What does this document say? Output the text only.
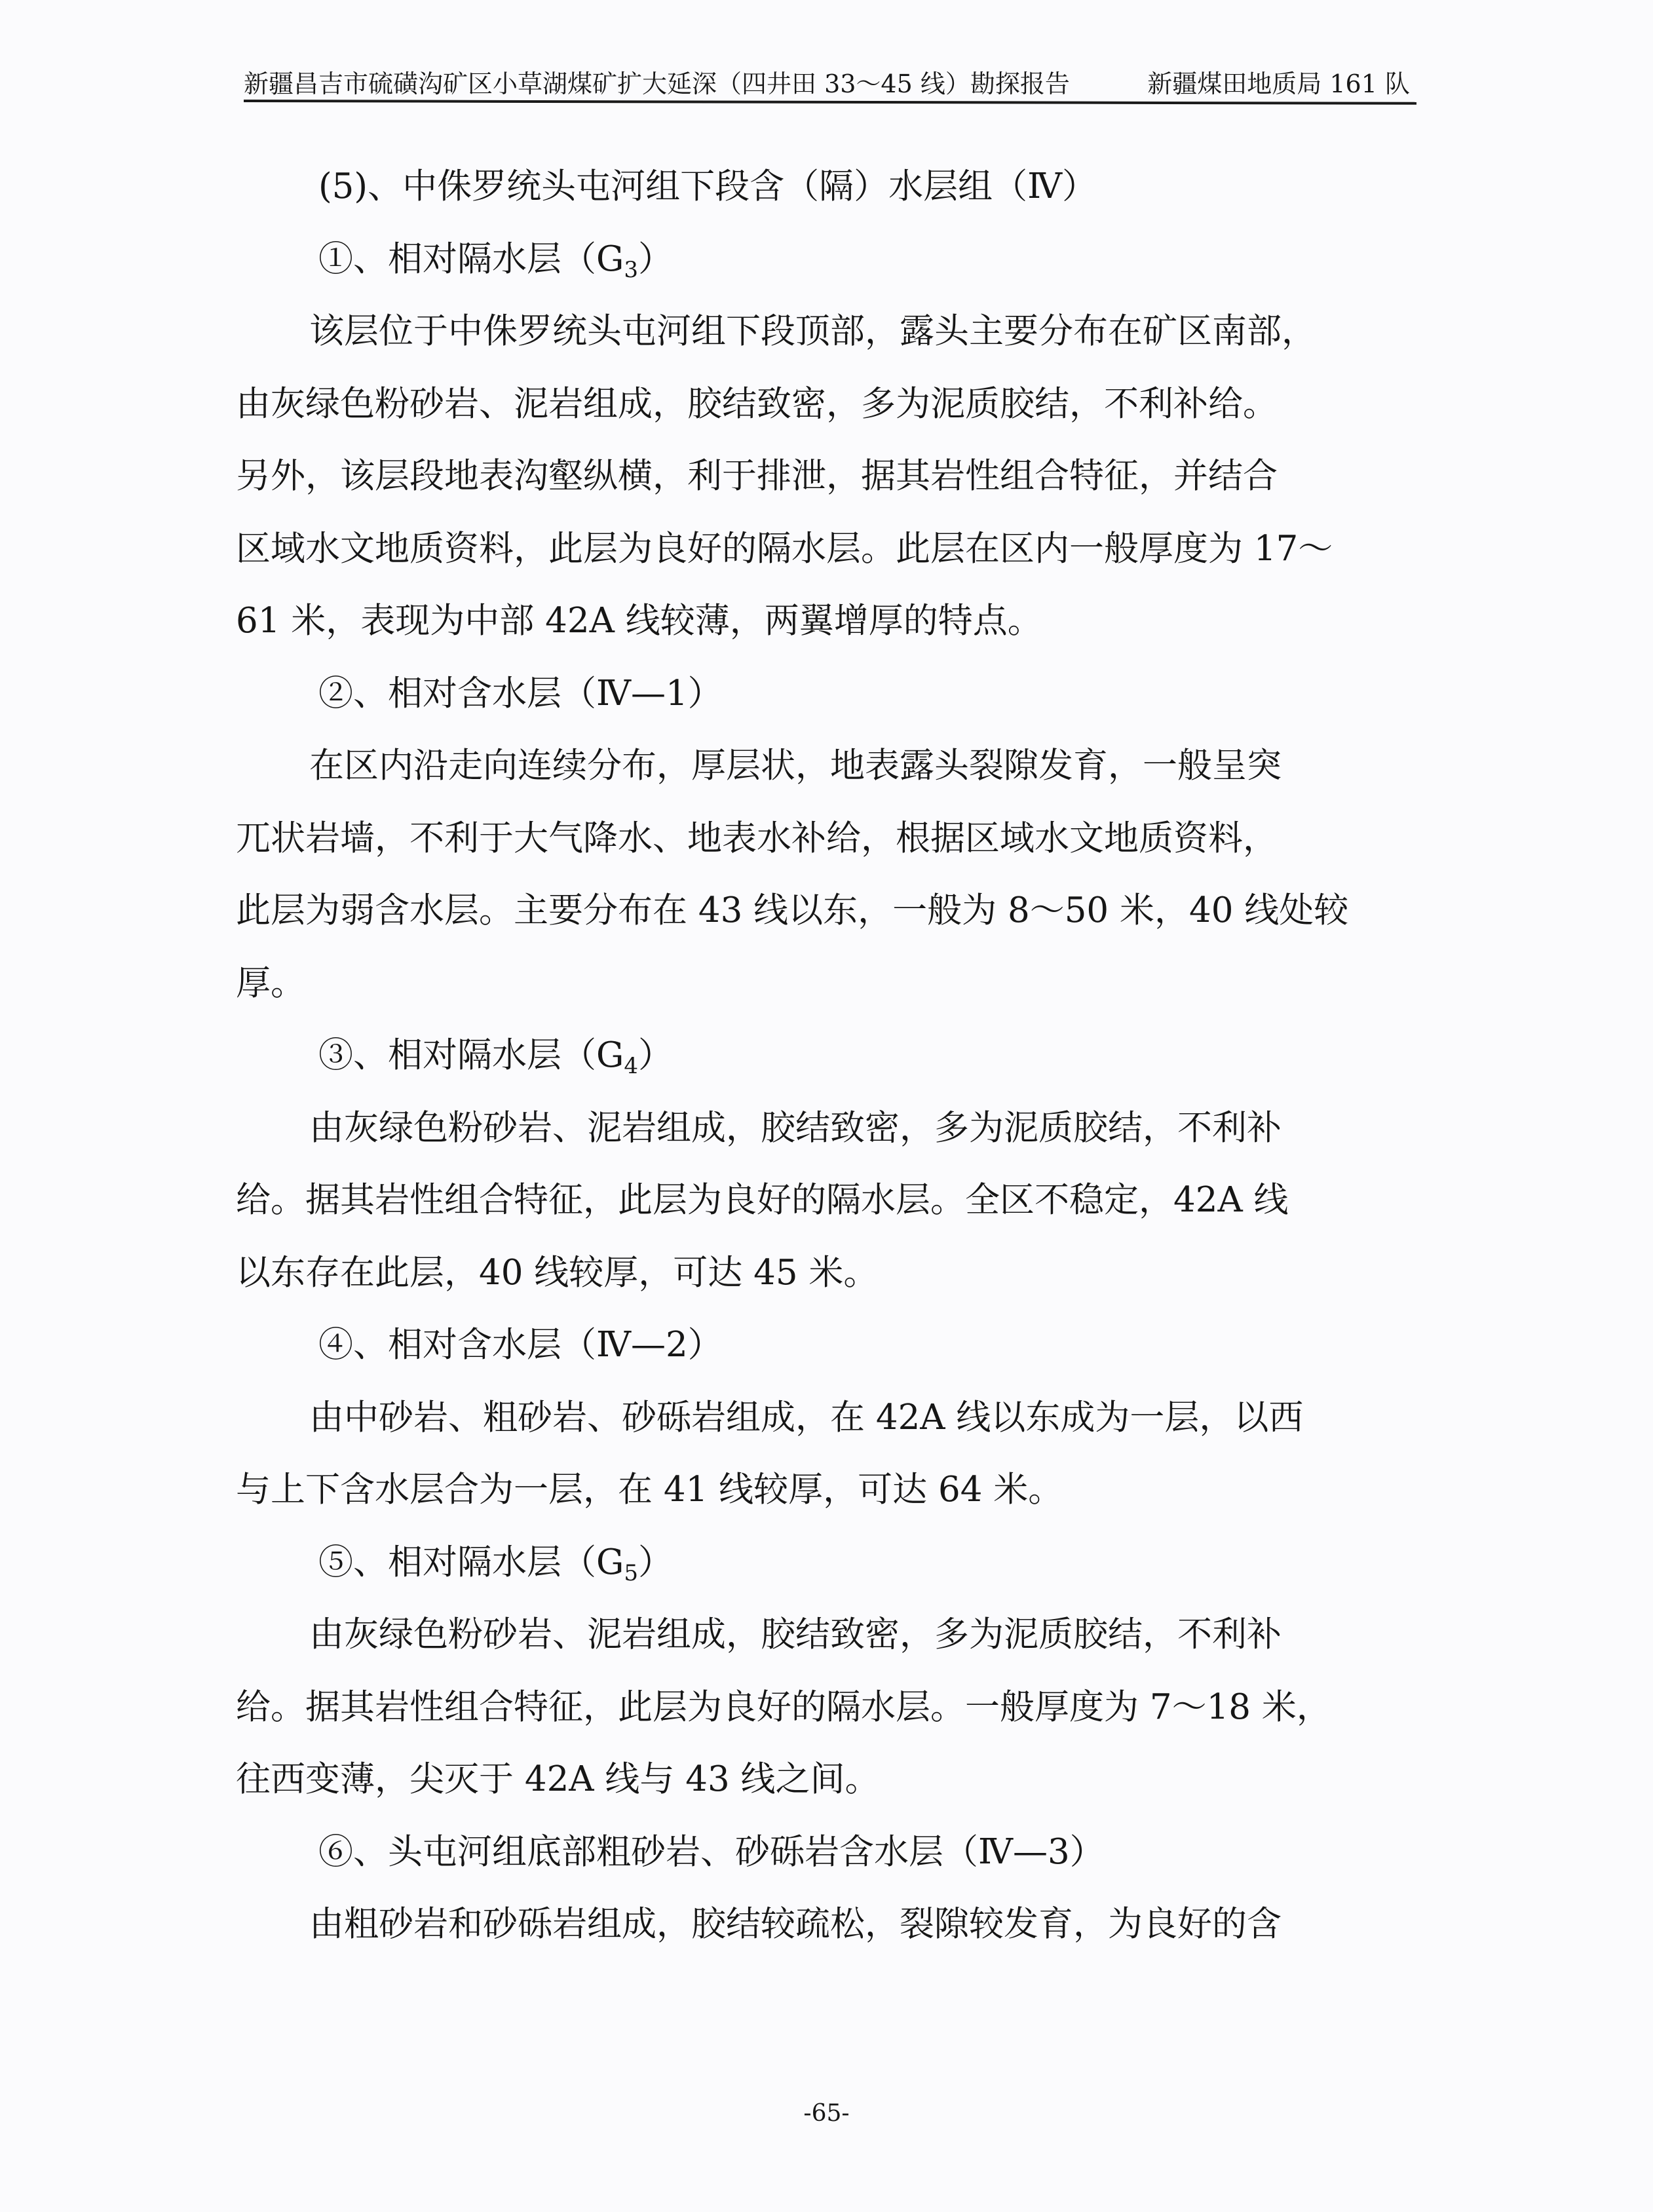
新疆昌吉市硫磺沟矿区小草湖煤矿扩大延深（四井田 33～45 线）勘探报告	新疆煤田地质局 161 队
(5)、中侏罗统头屯河组下段含（隔）水层组（Ⅳ）
①、相对隔水层$(G_3)$
该层位于中侏罗统头屯河组下段顶部，露头主要分布在矿区南部，
由灰绿色粉砂岩、泥岩组成，胶结致密，多为泥质胶结，不利补给。
另外，该层段地表沟壑纵横，利于排泄，据其岩性组合特征，并结合
区域水文地质资料，此层为良好的隔水层。此层在区内一般厚度为 17～
61 米，表现为中部 42A 线较薄，两翼增厚的特点。
②、相对含水层（Ⅳ—1）
在区内沿走向连续分布，厚层状，地表露头裂隙发育，一般呈突
兀状岩墙，不利于大气降水、地表水补给，根据区域水文地质资料，
此层为弱含水层。主要分布在 43 线以东，一般为 8～50 米，40 线处较
厚。
③、相对隔水层$(G_4)$
由灰绿色粉砂岩、泥岩组成，胶结致密，多为泥质胶结，不利补
给。据其岩性组合特征，此层为良好的隔水层。全区不稳定，42A 线
以东存在此层，40 线较厚，可达 45 米。
④、相对含水层（Ⅳ—2）
由中砂岩、粗砂岩、砂砾岩组成，在 42A 线以东成为一层，以西
与上下含水层合为一层，在 41 线较厚，可达 64 米。
⑤、相对隔水层$(G_5)$
由灰绿色粉砂岩、泥岩组成，胶结致密，多为泥质胶结，不利补
给。据其岩性组合特征，此层为良好的隔水层。一般厚度为 7～18 米，
往西变薄，尖灭于 42A 线与 43 线之间。
⑥、头屯河组底部粗砂岩、砂砾岩含水层（Ⅳ—3）
由粗砂岩和砂砾岩组成，胶结较疏松，裂隙较发育，为良好的含
-65-
